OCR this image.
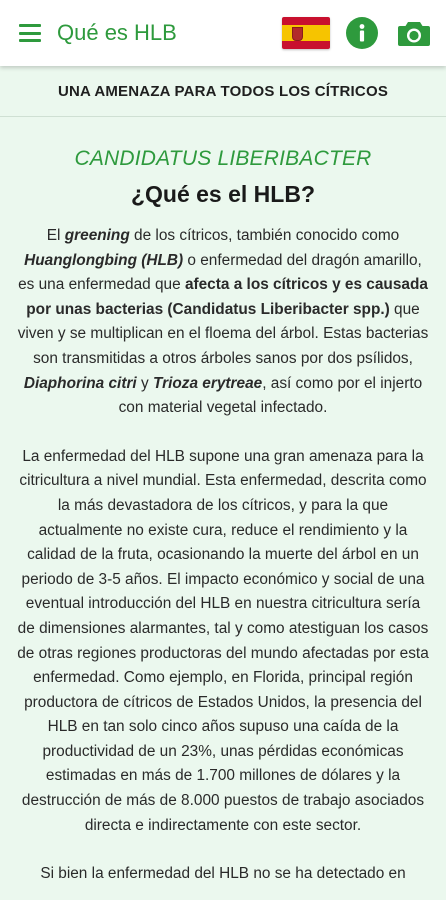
Qué es HLB
UNA AMENAZA PARA TODOS LOS CÍTRICOS
CANDIDATUS LIBERIBACTER
¿Qué es el HLB?
El greening de los cítricos, también conocido como Huanglongbing (HLB) o enfermedad del dragón amarillo, es una enfermedad que afecta a los cítricos y es causada por unas bacterias (Candidatus Liberibacter spp.) que viven y se multiplican en el floema del árbol. Estas bacterias son transmitidas a otros árboles sanos por dos psílidos, Diaphorina citri y Trioza erytreae, así como por el injerto con material vegetal infectado.
La enfermedad del HLB supone una gran amenaza para la citricultura a nivel mundial. Esta enfermedad, descrita como la más devastadora de los cítricos, y para la que actualmente no existe cura, reduce el rendimiento y la calidad de la fruta, ocasionando la muerte del árbol en un periodo de 3-5 años. El impacto económico y social de una eventual introducción del HLB en nuestra citricultura sería de dimensiones alarmantes, tal y como atestiguan los casos de otras regiones productoras del mundo afectadas por esta enfermedad. Como ejemplo, en Florida, principal región productora de cítricos de Estados Unidos, la presencia del HLB en tan solo cinco años supuso una caída de la productividad de un 23%, unas pérdidas económicas estimadas en más de 1.700 millones de dólares y la destrucción de más de 8.000 puestos de trabajo asociados directa e indirectamente con este sector.
Si bien la enfermedad del HLB no se ha detectado en
